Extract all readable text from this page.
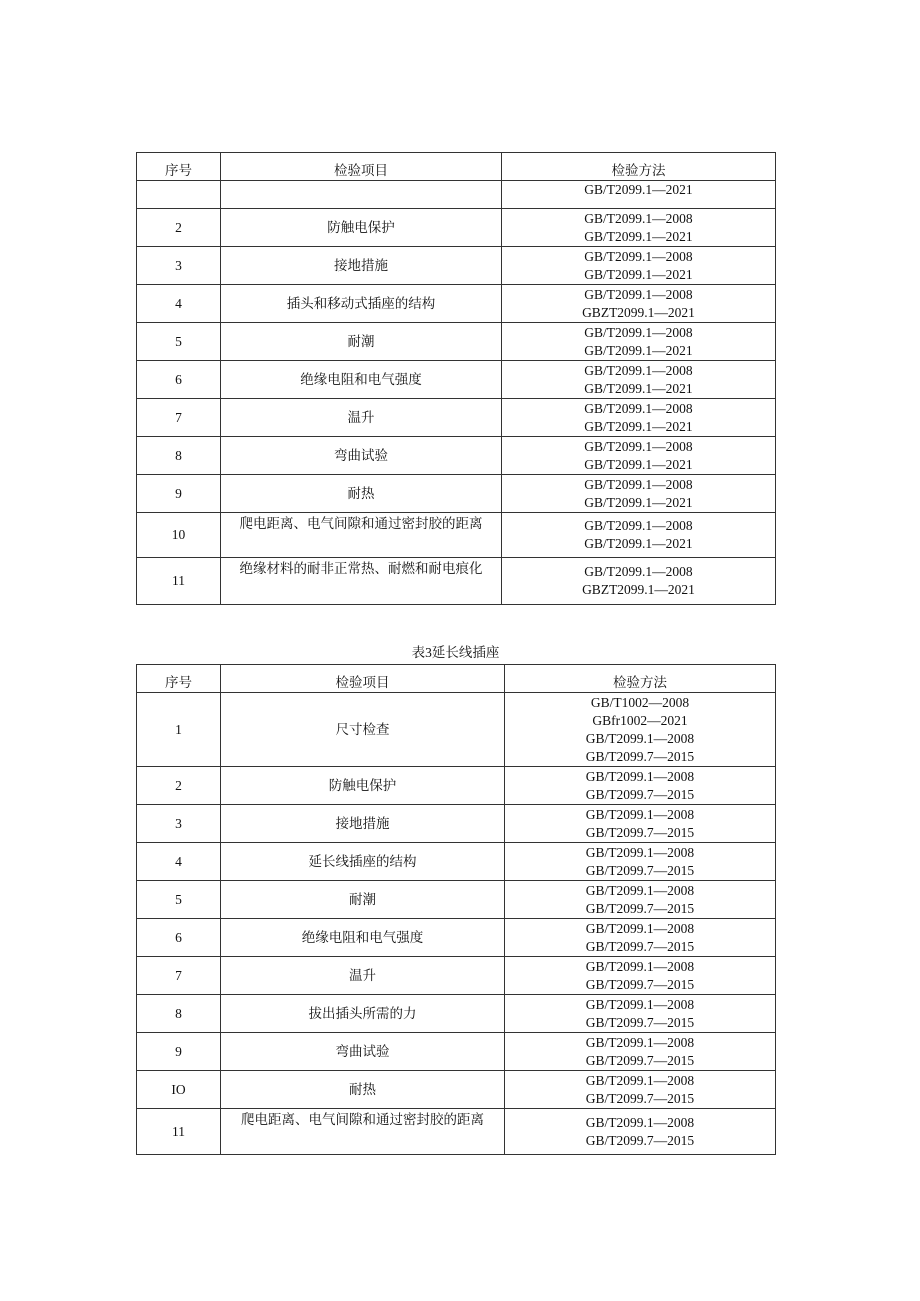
序号	检验项目	检验方法

		GB/T2099.1—2021

2	防触电保护	GB/T2099.1—2008
GB/T2099.1—2021

3	接地措施	GB/T2099.1—2008
GB/T2099.1—2021

4	插头和移动式插座的结构	GB/T2099.1—2008
GBZT2099.1—2021

5	耐潮	GB/T2099.1—2008
GB/T2099.1—2021

6	绝缘电阻和电气强度	GB/T2099.1—2008
GB/T2099.1—2021

7	温升	GB/T2099.1—2008
GB/T2099.1—2021

8	弯曲试验	GB/T2099.1—2008
GB/T2099.1—2021

9	耐热	GB/T2099.1—2008
GB/T2099.1—2021

10	爬电距离、电气间隙和通过密封胶的距离	GB/T2099.1—2008
GB/T2099.1—2021

11	绝缘材料的耐非正常热、耐燃和耐电痕化	GB/T2099.1—2008
GBZT2099.1—2021
表3延长线插座
序号	检验项目	检验方法
1	尺寸检查	GB/T1002—2008
GBfr1002—2021
GB/T2099.1—2008
GB/T2099.7—2015

2	防触电保护	GB/T2099.1—2008
GB/T2099.7—2015

3	接地措施	GB/T2099.1—2008
GB/T2099.7—2015

4	延长线插座的结构	GB/T2099.1—2008
GB/T2099.7—2015

5	耐潮	GB/T2099.1—2008
GB/T2099.7—2015

6	绝缘电阻和电气强度	GB/T2099.1—2008
GB/T2099.7—2015

7	温升	GB/T2099.1—2008
GB/T2099.7—2015

8	拔出插头所需的力	GB/T2099.1—2008
GB/T2099.7—2015

9	弯曲试验	GB/T2099.1—2008
GB/T2099.7—2015

IO	耐热	GB/T2099.1—2008
GB/T2099.7—2015

11	爬电距离、电气间隙和通过密封胶的距离	GB/T2099.1—2008
GB/T2099.7—2015
